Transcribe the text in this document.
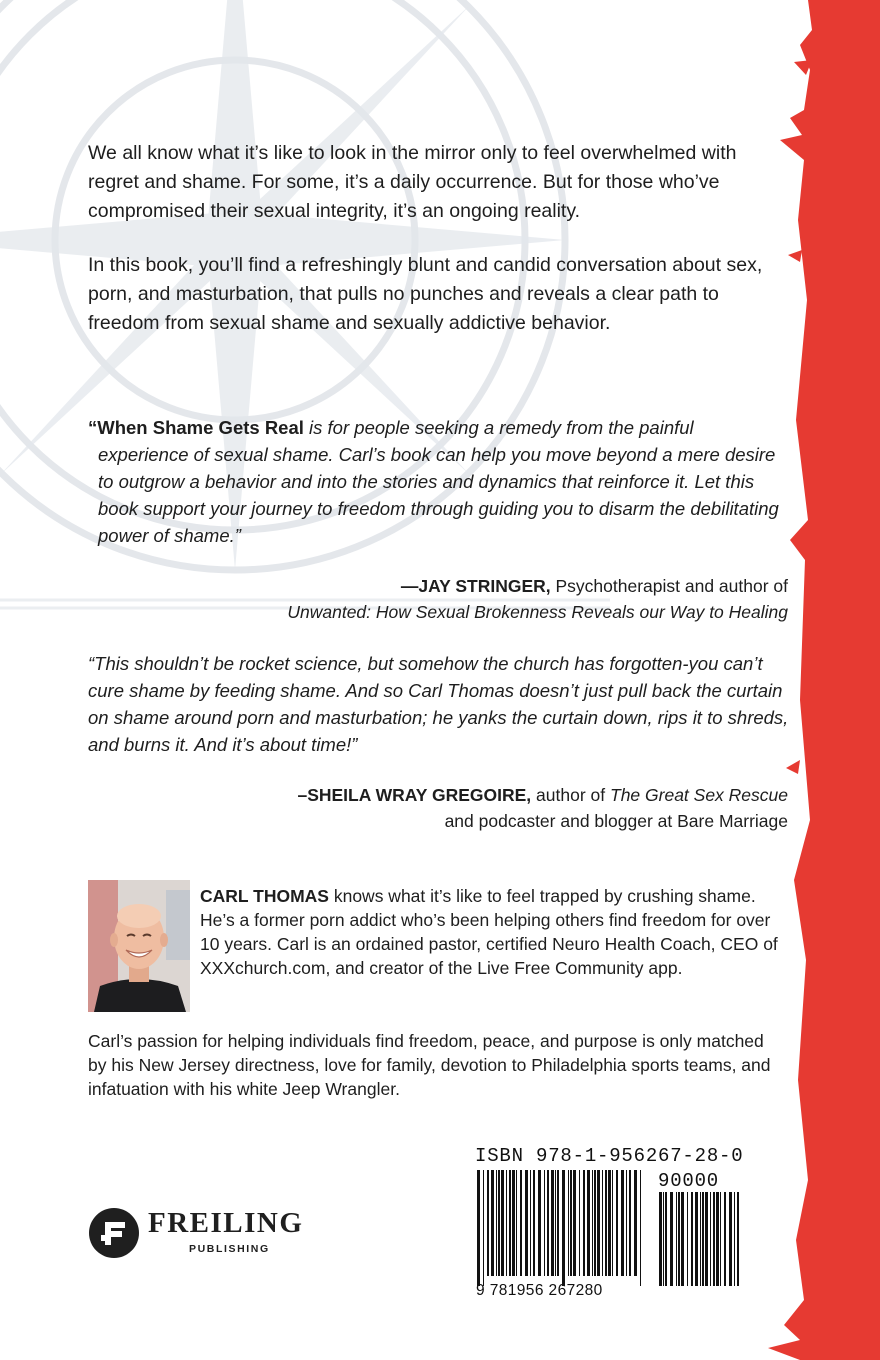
We all know what it’s like to look in the mirror only to feel overwhelmed with regret and shame. For some, it’s a daily occurrence. But for those who’ve compromised their sexual integrity, it’s an ongoing reality.

In this book, you’ll find a refreshingly blunt and candid conversation about sex, porn, and masturbation, that pulls no punches and reveals a clear path to freedom from sexual shame and sexually addictive behavior.

“When Shame Gets Real is for people seeking a remedy from the painful
experience of sexual shame. Carl’s book can help you move beyond a mere desire to outgrow a behavior and into the stories and dynamics that reinforce it. Let this book support your journey to freedom through guiding you to disarm the debilitating power of shame.”
—JAY STRINGER, Psychotherapist and author of
Unwanted: How Sexual Brokenness Reveals our Way to Healing
“This shouldn’t be rocket science, but somehow the church has forgotten-you can’t cure shame by feeding shame. And so Carl Thomas doesn’t just pull back the curtain on shame around porn and masturbation; he yanks the curtain down, rips it to shreds, and burns it. And it’s about time!”
–SHEILA WRAY GREGOIRE, author of The Great Sex Rescue
and podcaster and blogger at Bare Marriage

CARL THOMAS knows what it’s like to feel trapped by crushing shame. He’s a former porn addict who’s been helping others find freedom for over 10 years. Carl is an ordained pastor, certified Neuro Health Coach, CEO of XXXchurch.com, and creator of the Live Free Community app.

Carl’s passion for helping individuals find freedom, peace, and purpose is only matched by his New Jersey directness, love for family, devotion to Philadelphia sports teams, and infatuation with his white Jeep Wrangler.

FREILING
PUBLISHING
ISBN 978-1-956267-28-0
9 781956 267280
90000
